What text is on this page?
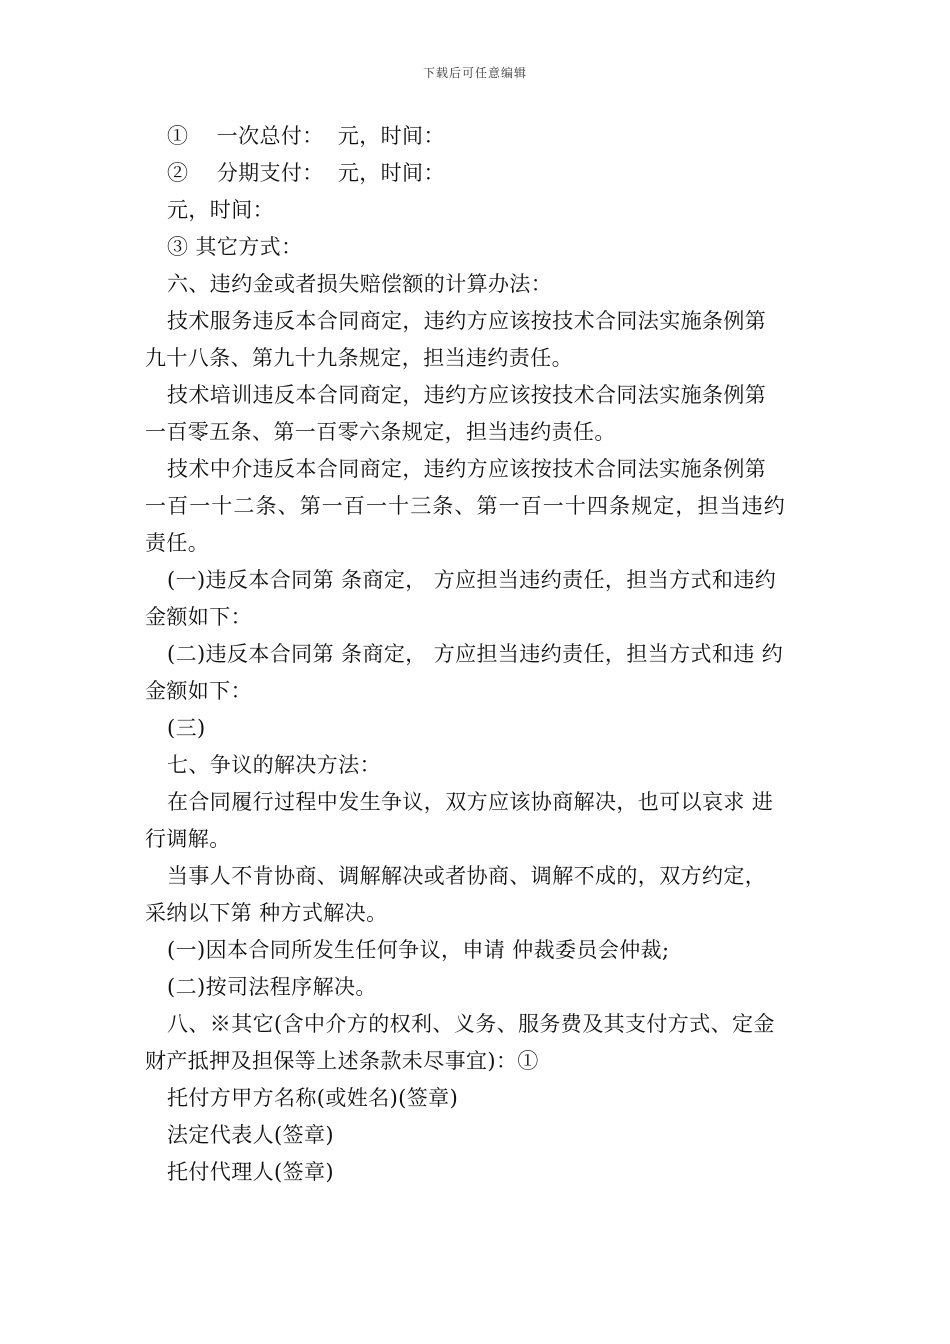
下载后可任意编辑
①    一次总付：  元，时间：
②    分期支付：  元，时间：
元，时间：
③ 其它方式：
六、违约金或者损失赔偿额的计算办法：
技术服务违反本合同商定，违约方应该按技术合同法实施条例第
九十八条、第九十九条规定，担当违约责任。
技术培训违反本合同商定，违约方应该按技术合同法实施条例第
一百零五条、第一百零六条规定，担当违约责任。
技术中介违反本合同商定，违约方应该按技术合同法实施条例第
一百一十二条、第一百一十三条、第一百一十四条规定，担当违约
责任。
(一)违反本合同第 条商定， 方应担当违约责任，担当方式和违约
金额如下：
(二)违反本合同第 条商定， 方应担当违约责任，担当方式和违 约
金额如下：
(三)
七、争议的解决方法：
在合同履行过程中发生争议，双方应该协商解决，也可以哀求 进
行调解。
当事人不肯协商、调解解决或者协商、调解不成的，双方约定，
采纳以下第 种方式解决。
(一)因本合同所发生任何争议，申请 仲裁委员会仲裁;
(二)按司法程序解决。
八、※其它(含中介方的权利、义务、服务费及其支付方式、定金
财产抵押及担保等上述条款未尽事宜)：①
托付方甲方名称(或姓名)(签章)
法定代表人(签章)
托付代理人(签章)
